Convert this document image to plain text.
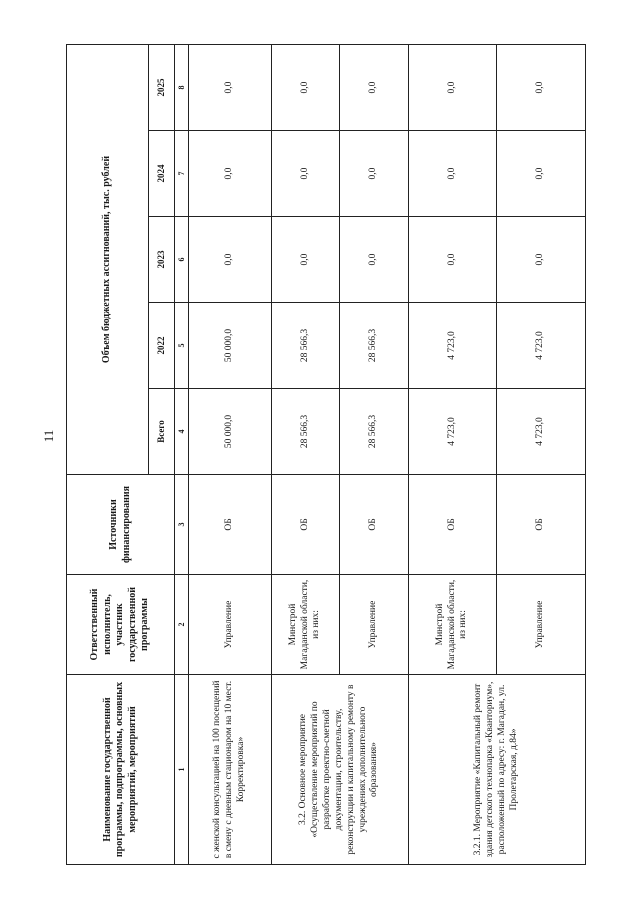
11
Наименование государственной программы, подпрограммы, основных мероприятий, мероприятий	Ответственный исполнитель, участник государственной программы	Источники финансирования	Объем бюджетных ассигнований, тыс. рублей				
			Всего	2022	2023	2024	2025
1	2	3	4	5	6	7	8
с женской консультацией на 100 посещений в смену с дневным стационаром на 10 мест. Корректировка»	Управление	ОБ	50 000,0	50 000,0	0,0	0,0	0,0
3.2. Основное мероприятие «Осуществление мероприятий по разработке проектно-сметной документации, строительству, реконструкции и капитальному ремонту в учреждениях дополнительного образования»	Минстрой Магаданской области, из них:	ОБ	28 566,3	28 566,3	0,0	0,0	0,0
	Управление	ОБ	28 566,3	28 566,3	0,0	0,0	0,0
3.2.1. Мероприятие «Капитальный ремонт здания детского технопарка «Кванториум», расположенный по адресу: г. Магадан, ул. Пролетарская, д.84»	Минстрой Магаданской области, из них:	ОБ	4 723,0	4 723,0	0,0	0,0	0,0
	Управление	ОБ	4 723,0	4 723,0	0,0	0,0	0,0
